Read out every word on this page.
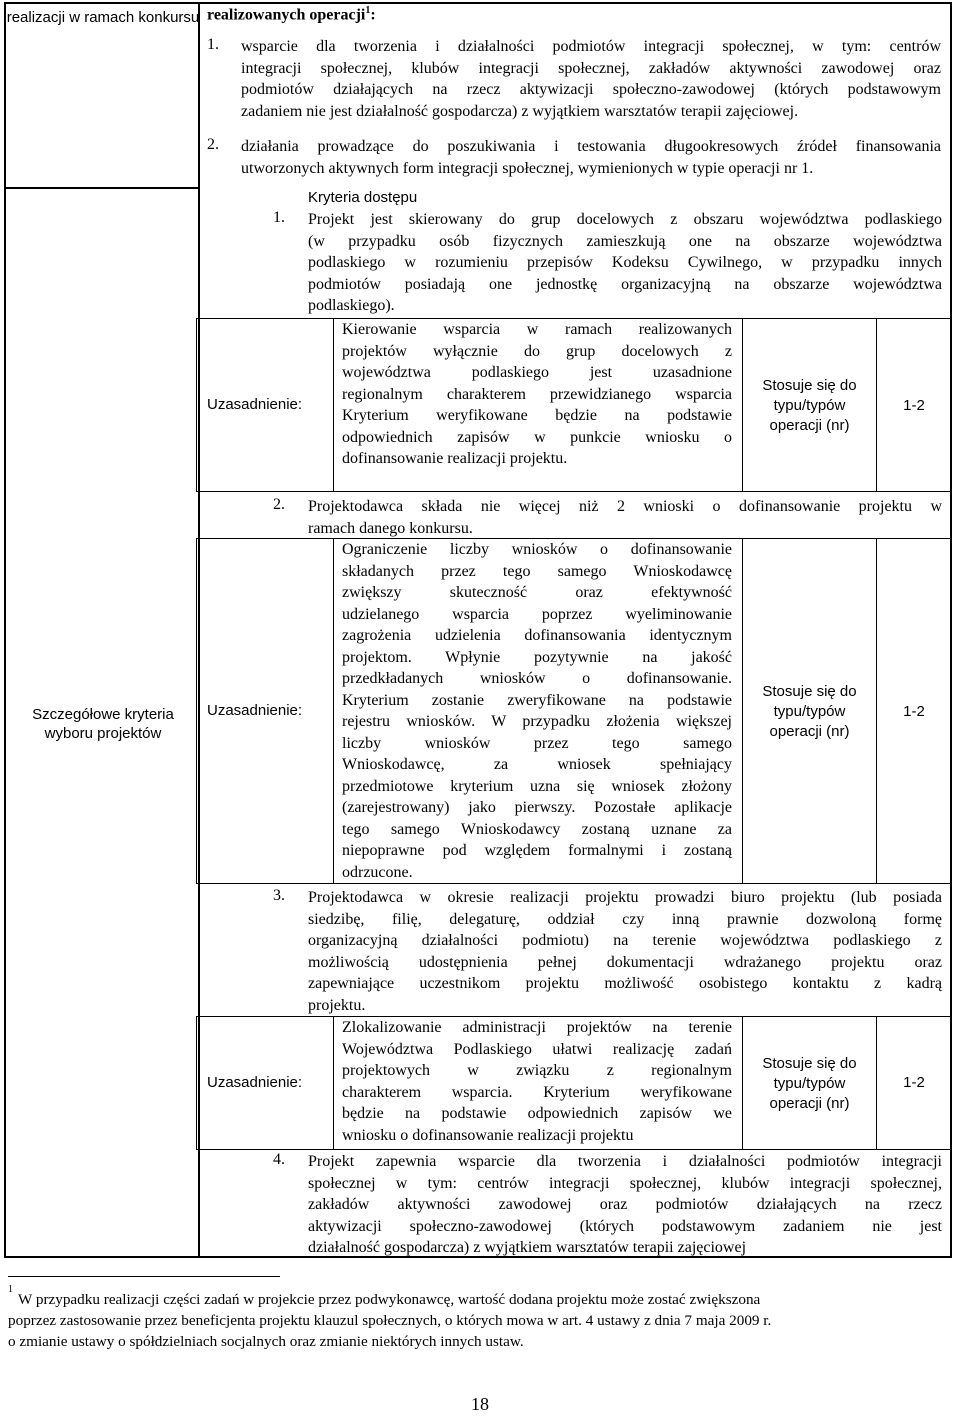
realizacji w ramach konkursu
Szczegółowe kryteria wyboru projektów
realizowanych operacji$^1$:
1. wsparcie dla tworzenia i działalności podmiotów integracji społecznej, w tym: centrów
integracji społecznej, klubów integracji społecznej, zakładów aktywności zawodowej oraz
podmiotów działających na rzecz aktywizacji społeczno-zawodowej (których podstawowym
zadaniem nie jest działalność gospodarcza) z wyjątkiem warsztatów terapii zajęciowej.
2. działania prowadzące do poszukiwania i testowania długookresowych źródeł finansowania
utworzonych aktywnych form integracji społecznej, wymienionych w typie operacji nr 1.
Kryteria dostępu
1. Projekt jest skierowany do grup docelowych z obszaru województwa podlaskiego
(w przypadku osób fizycznych zamieszkują one na obszarze województwa
podlaskiego w rozumieniu przepisów Kodeksu Cywilnego, w przypadku innych
podmiotów posiadają one jednostkę organizacyjną na obszarze województwa
podlaskiego).
Uzasadnienie:
Kierowanie wsparcia w ramach realizowanych
projektów wyłącznie do grup docelowych z
województwa podlaskiego jest uzasadnione
regionalnym charakterem przewidzianego wsparcia
Kryterium weryfikowane będzie na podstawie
odpowiednich zapisów w punkcie wniosku o
dofinansowanie realizacji projektu.
Stosuje się do
typu/typów
operacji (nr)
1-2
2. Projektodawca składa nie więcej niż 2 wnioski o dofinansowanie projektu w
ramach danego konkursu.
Uzasadnienie:
Ograniczenie liczby wniosków o dofinansowanie
składanych przez tego samego Wnioskodawcę
zwiększy skuteczność oraz efektywność
udzielanego wsparcia poprzez wyeliminowanie
zagrożenia udzielenia dofinansowania identycznym
projektom. Wpłynie pozytywnie na jakość
przedkładanych wniosków o dofinansowanie.
Kryterium zostanie zweryfikowane na podstawie
rejestru wniosków. W przypadku złożenia większej
liczby wniosków przez tego samego
Wnioskodawcę, za wniosek spełniający
przedmiotowe kryterium uzna się wniosek złożony
(zarejestrowany) jako pierwszy. Pozostałe aplikacje
tego samego Wnioskodawcy zostaną uznane za
niepoprawne pod względem formalnymi i zostaną
odrzucone.
Stosuje się do
typu/typów
operacji (nr)
1-2
3. Projektodawca w okresie realizacji projektu prowadzi biuro projektu (lub posiada
siedzibę, filię, delegaturę, oddział czy inną prawnie dozwoloną formę
organizacyjną działalności podmiotu) na terenie województwa podlaskiego z
możliwością udostępnienia pełnej dokumentacji wdrażanego projektu oraz
zapewniające uczestnikom projektu możliwość osobistego kontaktu z kadrą
projektu.
Uzasadnienie:
Zlokalizowanie administracji projektów na terenie
Województwa Podlaskiego ułatwi realizację zadań
projektowych w związku z regionalnym
charakterem wsparcia. Kryterium weryfikowane
będzie na podstawie odpowiednich zapisów we
wniosku o dofinansowanie realizacji projektu
Stosuje się do
typu/typów
operacji (nr)
1-2
4. Projekt zapewnia wsparcie dla tworzenia i działalności podmiotów integracji
społecznej w tym: centrów integracji społecznej, klubów integracji społecznej,
zakładów aktywności zawodowej oraz podmiotów działających na rzecz
aktywizacji społeczno-zawodowej (których podstawowym zadaniem nie jest
działalność gospodarcza) z wyjątkiem warsztatów terapii zajęciowej
1
W przypadku realizacji części zadań w projekcie przez podwykonawcę, wartość dodana projektu może zostać zwiększona
poprzez zastosowanie przez beneficjenta projektu klauzul społecznych, o których mowa w art. 4 ustawy z dnia 7 maja 2009 r.
o zmianie ustawy o spółdzielniach socjalnych oraz zmianie niektórych innych ustaw.
18
